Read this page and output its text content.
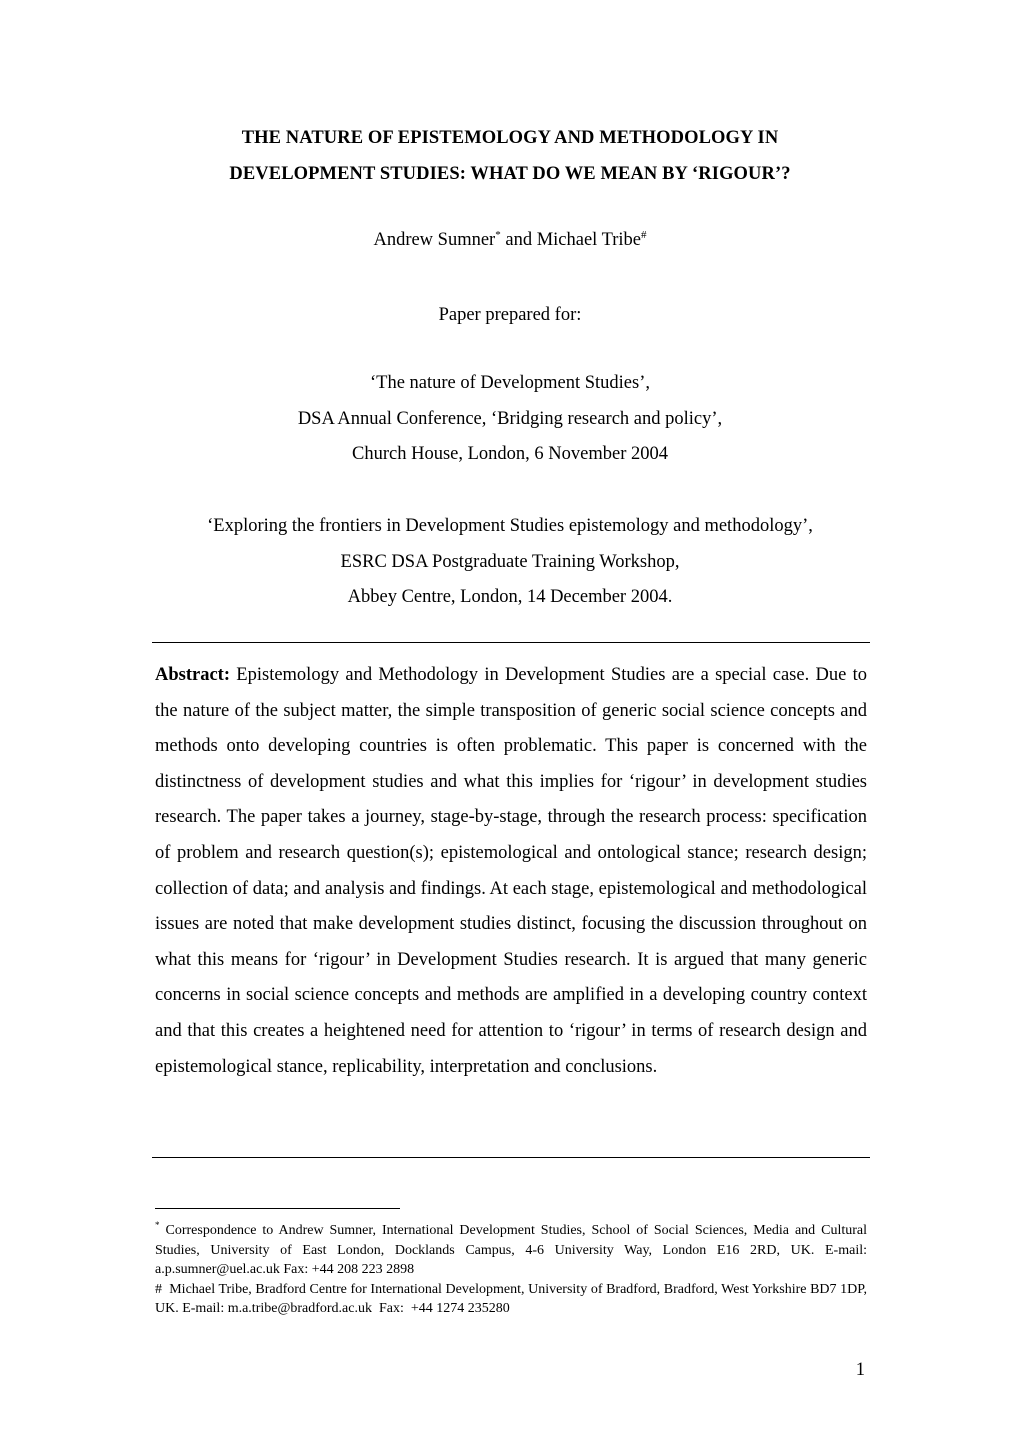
THE NATURE OF EPISTEMOLOGY AND METHODOLOGY IN
DEVELOPMENT STUDIES: WHAT DO WE MEAN BY ‘RIGOUR’?
Andrew Sumner* and Michael Tribe#
Paper prepared for:
‘The nature of Development Studies’,
DSA Annual Conference, ‘Bridging research and policy’,
Church House, London, 6 November 2004
‘Exploring the frontiers in Development Studies epistemology and methodology’,
ESRC DSA Postgraduate Training Workshop,
Abbey Centre, London, 14 December 2004.
Abstract: Epistemology and Methodology in Development Studies are a special case. Due to the nature of the subject matter, the simple transposition of generic social science concepts and methods onto developing countries is often problematic. This paper is concerned with the distinctness of development studies and what this implies for ‘rigour’ in development studies research. The paper takes a journey, stage-by-stage, through the research process: specification of problem and research question(s); epistemological and ontological stance; research design; collection of data; and analysis and findings. At each stage, epistemological and methodological issues are noted that make development studies distinct, focusing the discussion throughout on what this means for ‘rigour’ in Development Studies research. It is argued that many generic concerns in social science concepts and methods are amplified in a developing country context and that this creates a heightened need for attention to ‘rigour’ in terms of research design and epistemological stance, replicability, interpretation and conclusions.

* Correspondence to Andrew Sumner, International Development Studies, School of Social Sciences, Media and Cultural Studies, University of East London, Docklands Campus, 4-6 University Way, London E16 2RD, UK. E-mail: a.p.sumner@uel.ac.uk Fax: +44 208 223 2898

#  Michael Tribe, Bradford Centre for International Development, University of Bradford, Bradford, West Yorkshire BD7 1DP, UK. E-mail: m.a.tribe@bradford.ac.uk  Fax:  +44 1274 235280

1
